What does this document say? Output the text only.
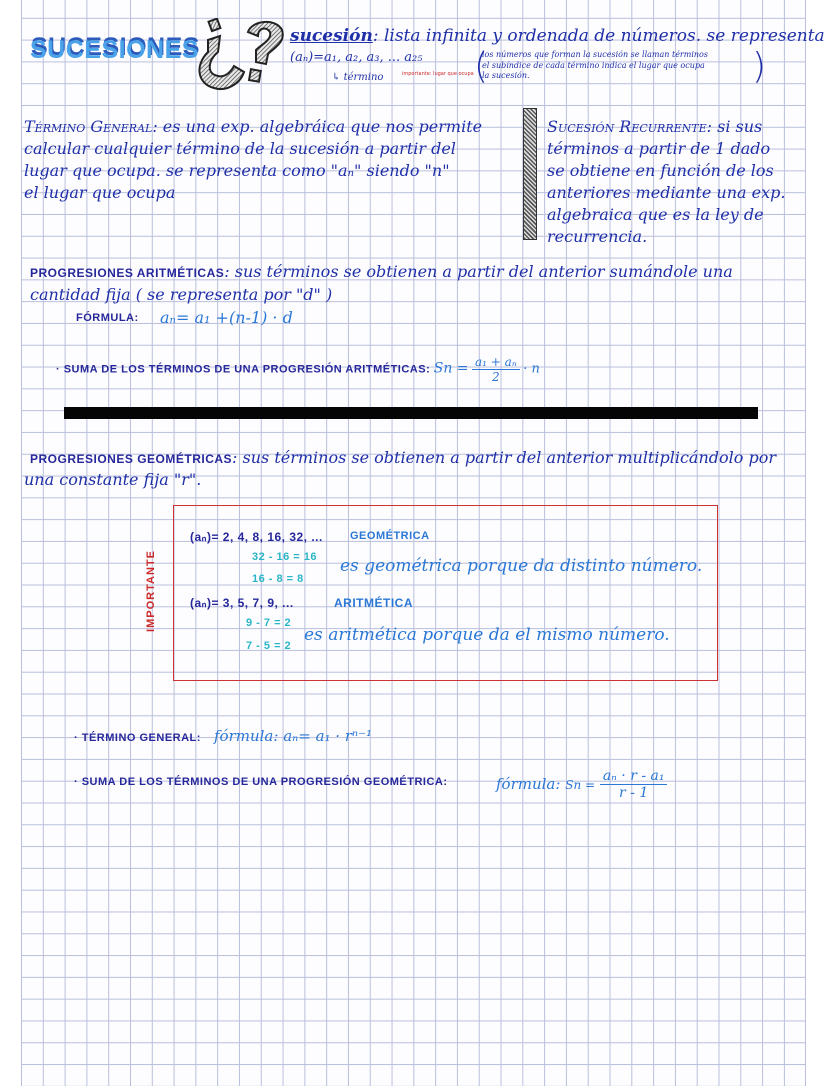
SUCESIONES	sucesión: lista infinita y ordenada de números. se representa
(aₙ)=a₁, a₂, a₃, ... a₂₅
↳ término	importante: lugar que ocupa (
los números que forman la sucesión se llaman términos
el subíndice de cada término indica el lugar que ocupa
la sucesión.	)
Término General: es una exp. algebráica que nos permite
calcular cualquier término de la sucesión a partir del
lugar que ocupa. se representa como "aₙ" siendo "n"
el lugar que ocupa
Sucesión Recurrente: si sus
términos a partir de 1 dado
se obtiene en función de los
anteriores mediante una exp.
algebraica que es la ley de
recurrencia.
PROGRESIONES ARITMÉTICAS: sus términos se obtienen a partir del anterior sumándole una
cantidad fija ( se representa por "d" )
FÓRMULA: aₙ= a₁ +(n-1) · d
· SUMA DE LOS TÉRMINOS DE UNA PROGRESIÓN ARITMÉTICAS: $Sn = \frac{\text{a₁ + aₙ}}{2} \cdot n$
PROGRESIONES GEOMÉTRICAS: sus términos se obtienen a partir del anterior multiplicándolo por
una constante fija "r".
IMPORTANTE
(aₙ)= 2, 4, 8, 16, 32, ... GEOMÉTRICA
32 - 16 = 16
16 - 8 = 8
es geométrica porque da distinto número.
(aₙ)= 3, 5, 7, 9, ...	ARITMÉTICA
9 - 7 = 2
7 - 5 = 2
es aritmética porque da el mismo número.
· TÉRMINO GENERAL: fórmula: aₙ= a₁ · rⁿ⁻¹
· SUMA DE LOS TÉRMINOS DE UNA PROGRESIÓN GEOMÉTRICA:	fórmula: $Sn = \frac{\text{aₙ · r - a₁}}{r - 1}$
